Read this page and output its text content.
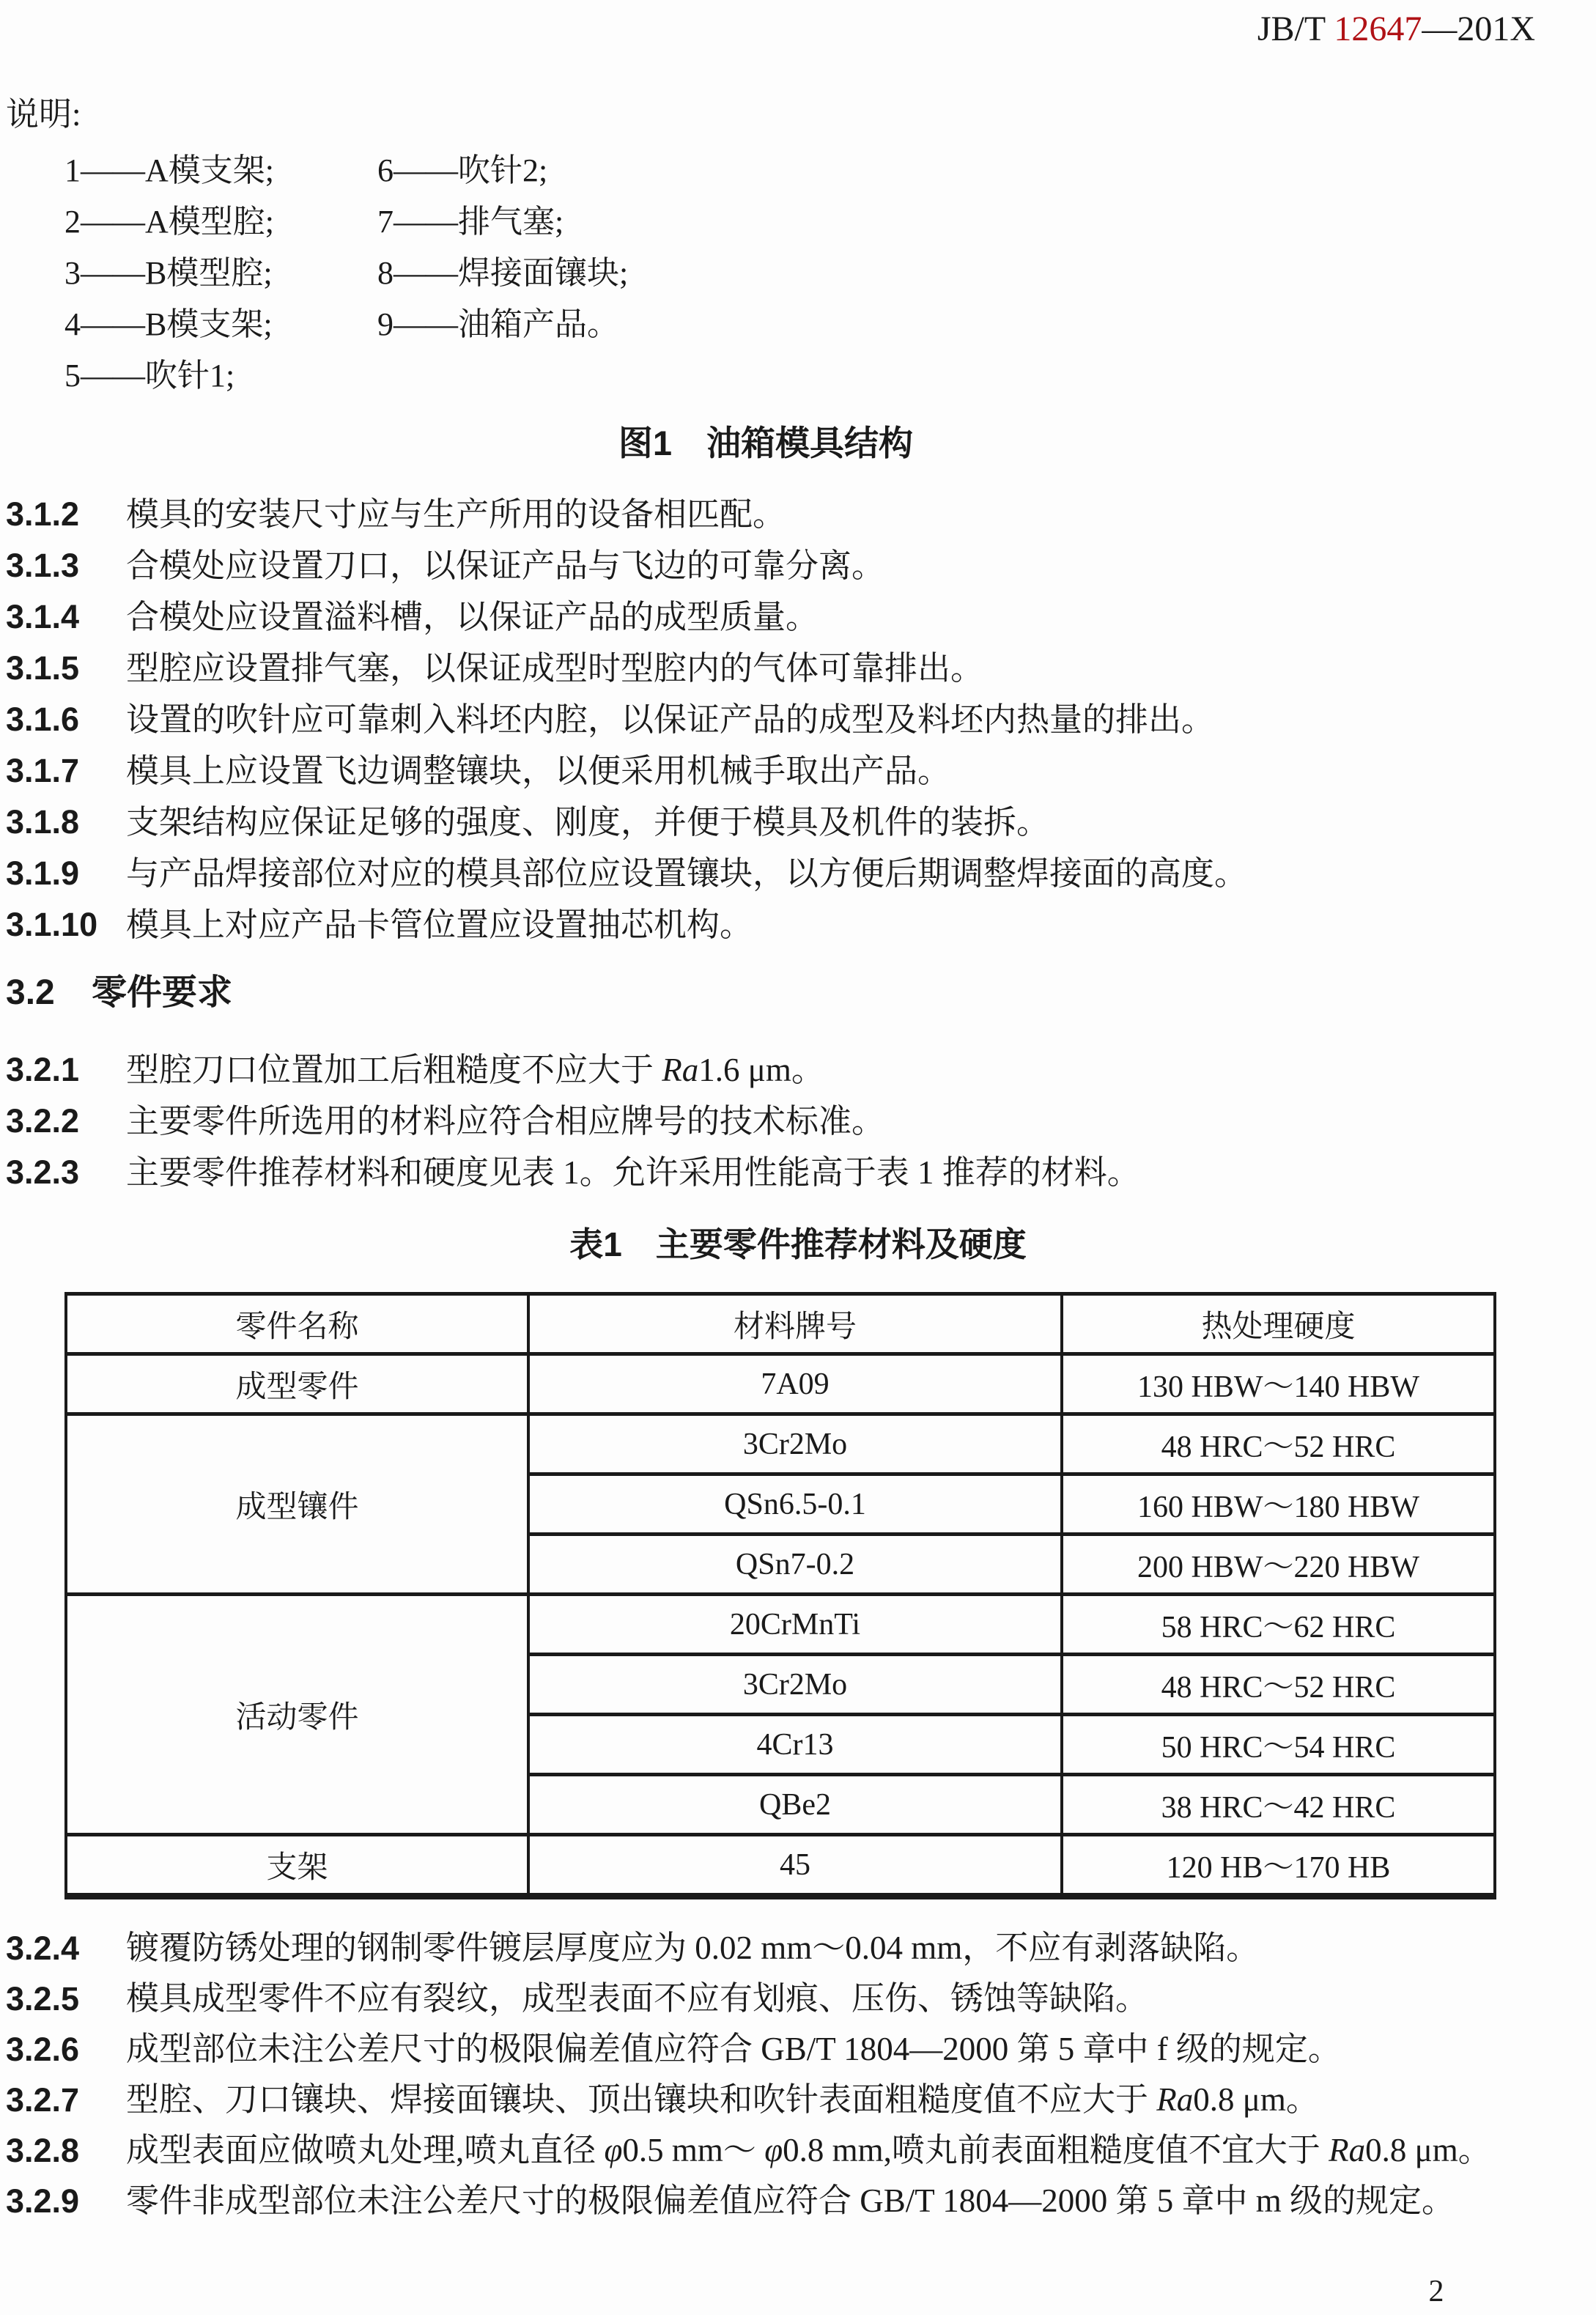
JB/T 12647—201X
说明:
1——A模支架;	6——吹针2;
2——A模型腔;	7——排气塞;
3——B模型腔;	8——焊接面镶块;
4——B模支架;	9——油箱产品。
5——吹针1;
图1　油箱模具结构
3.1.2	模具的安装尺寸应与生产所用的设备相匹配。
3.1.3	合模处应设置刀口，以保证产品与飞边的可靠分离。
3.1.4	合模处应设置溢料槽，以保证产品的成型质量。
3.1.5	型腔应设置排气塞，以保证成型时型腔内的气体可靠排出。
3.1.6	设置的吹针应可靠刺入料坯内腔，以保证产品的成型及料坯内热量的排出。
3.1.7	模具上应设置飞边调整镶块，以便采用机械手取出产品。
3.1.8	支架结构应保证足够的强度、刚度，并便于模具及机件的装拆。
3.1.9	与产品焊接部位对应的模具部位应设置镶块，以方便后期调整焊接面的高度。
3.1.10 模具上对应产品卡管位置应设置抽芯机构。
3.2	零件要求
3.2.1	型腔刀口位置加工后粗糙度不应大于 Ra1.6 μm。
3.2.2	主要零件所选用的材料应符合相应牌号的技术标准。
3.2.3	主要零件推荐材料和硬度见表 1。允许采用性能高于表 1 推荐的材料。
表1　主要零件推荐材料及硬度
零件名称	材料牌号	热处理硬度
成型零件	7A09	130 HBW～140 HBW
成型镶件	3Cr2Mo	48 HRC～52 HRC
	QSn6.5-0.1	160 HBW～180 HBW
	QSn7-0.2	200 HBW～220 HBW
活动零件	20CrMnTi	58 HRC～62 HRC
	3Cr2Mo	48 HRC～52 HRC
	4Cr13	50 HRC～54 HRC
	QBe2	38 HRC～42 HRC
支架	45	120 HB～170 HB
3.2.4	镀覆防锈处理的钢制零件镀层厚度应为 0.02 mm～0.04 mm，不应有剥落缺陷。
3.2.5	模具成型零件不应有裂纹，成型表面不应有划痕、压伤、锈蚀等缺陷。
3.2.6	成型部位未注公差尺寸的极限偏差值应符合 GB/T 1804—2000 第 5 章中 f 级的规定。
3.2.7	型腔、刀口镶块、焊接面镶块、顶出镶块和吹针表面粗糙度值不应大于 Ra0.8 μm。
3.2.8	成型表面应做喷丸处理,喷丸直径 φ0.5 mm～ φ0.8 mm,喷丸前表面粗糙度值不宜大于 Ra0.8 μm。
3.2.9	零件非成型部位未注公差尺寸的极限偏差值应符合 GB/T 1804—2000 第 5 章中 m 级的规定。
2
